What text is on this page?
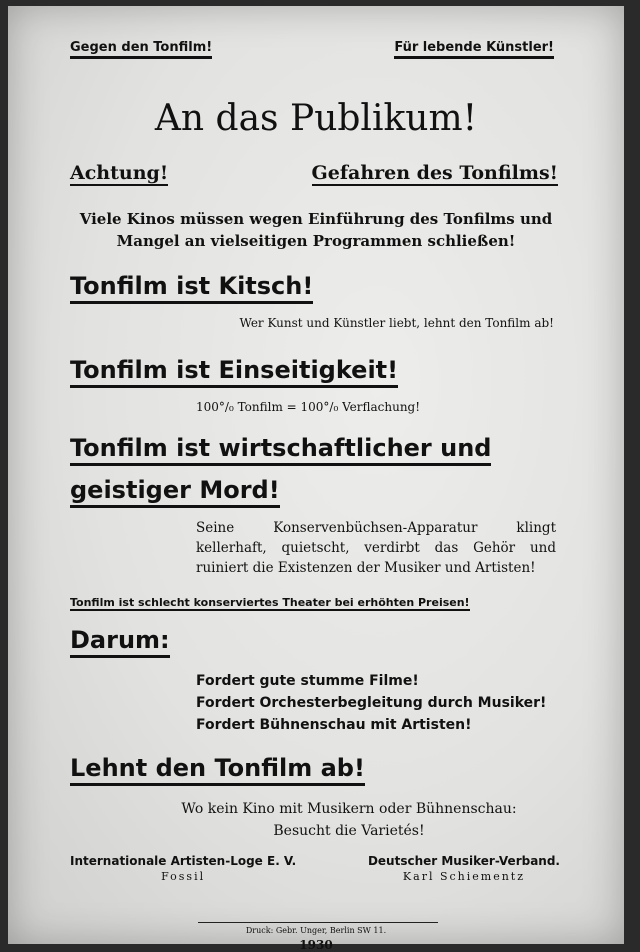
Gegen den Tonfilm!	Für lebende Künstler!
An das Publikum!
Achtung!	Gefahren des Tonfilms!
Viele Kinos müssen wegen Einführung des Tonfilms und
Mangel an vielseitigen Programmen schließen!
Tonfilm ist Kitsch!
Wer Kunst und Künstler liebt, lehnt den Tonfilm ab!
Tonfilm ist Einseitigkeit!
100°/₀ Tonfilm = 100°/₀ Verflachung!
Tonfilm ist wirtschaftlicher und
geistiger Mord!
Seine Konservenbüchsen-Apparatur klingt kellerhaft, quietscht, verdirbt das Gehör und ruiniert die Existenzen der Musiker und Artisten!
Tonfilm ist schlecht konserviertes Theater bei erhöhten Preisen!
Darum:
Fordert gute stumme Filme!
Fordert Orchesterbegleitung durch Musiker!
Fordert Bühnenschau mit Artisten!
Lehnt den Tonfilm ab!
Wo kein Kino mit Musikern oder Bühnenschau:
Besucht die Varietés!
Internationale Artisten-Loge E. V.
Fossil
Deutscher Musiker-Verband.
Karl Schiementz
Druck: Gebr. Unger, Berlin SW 11.
1930
